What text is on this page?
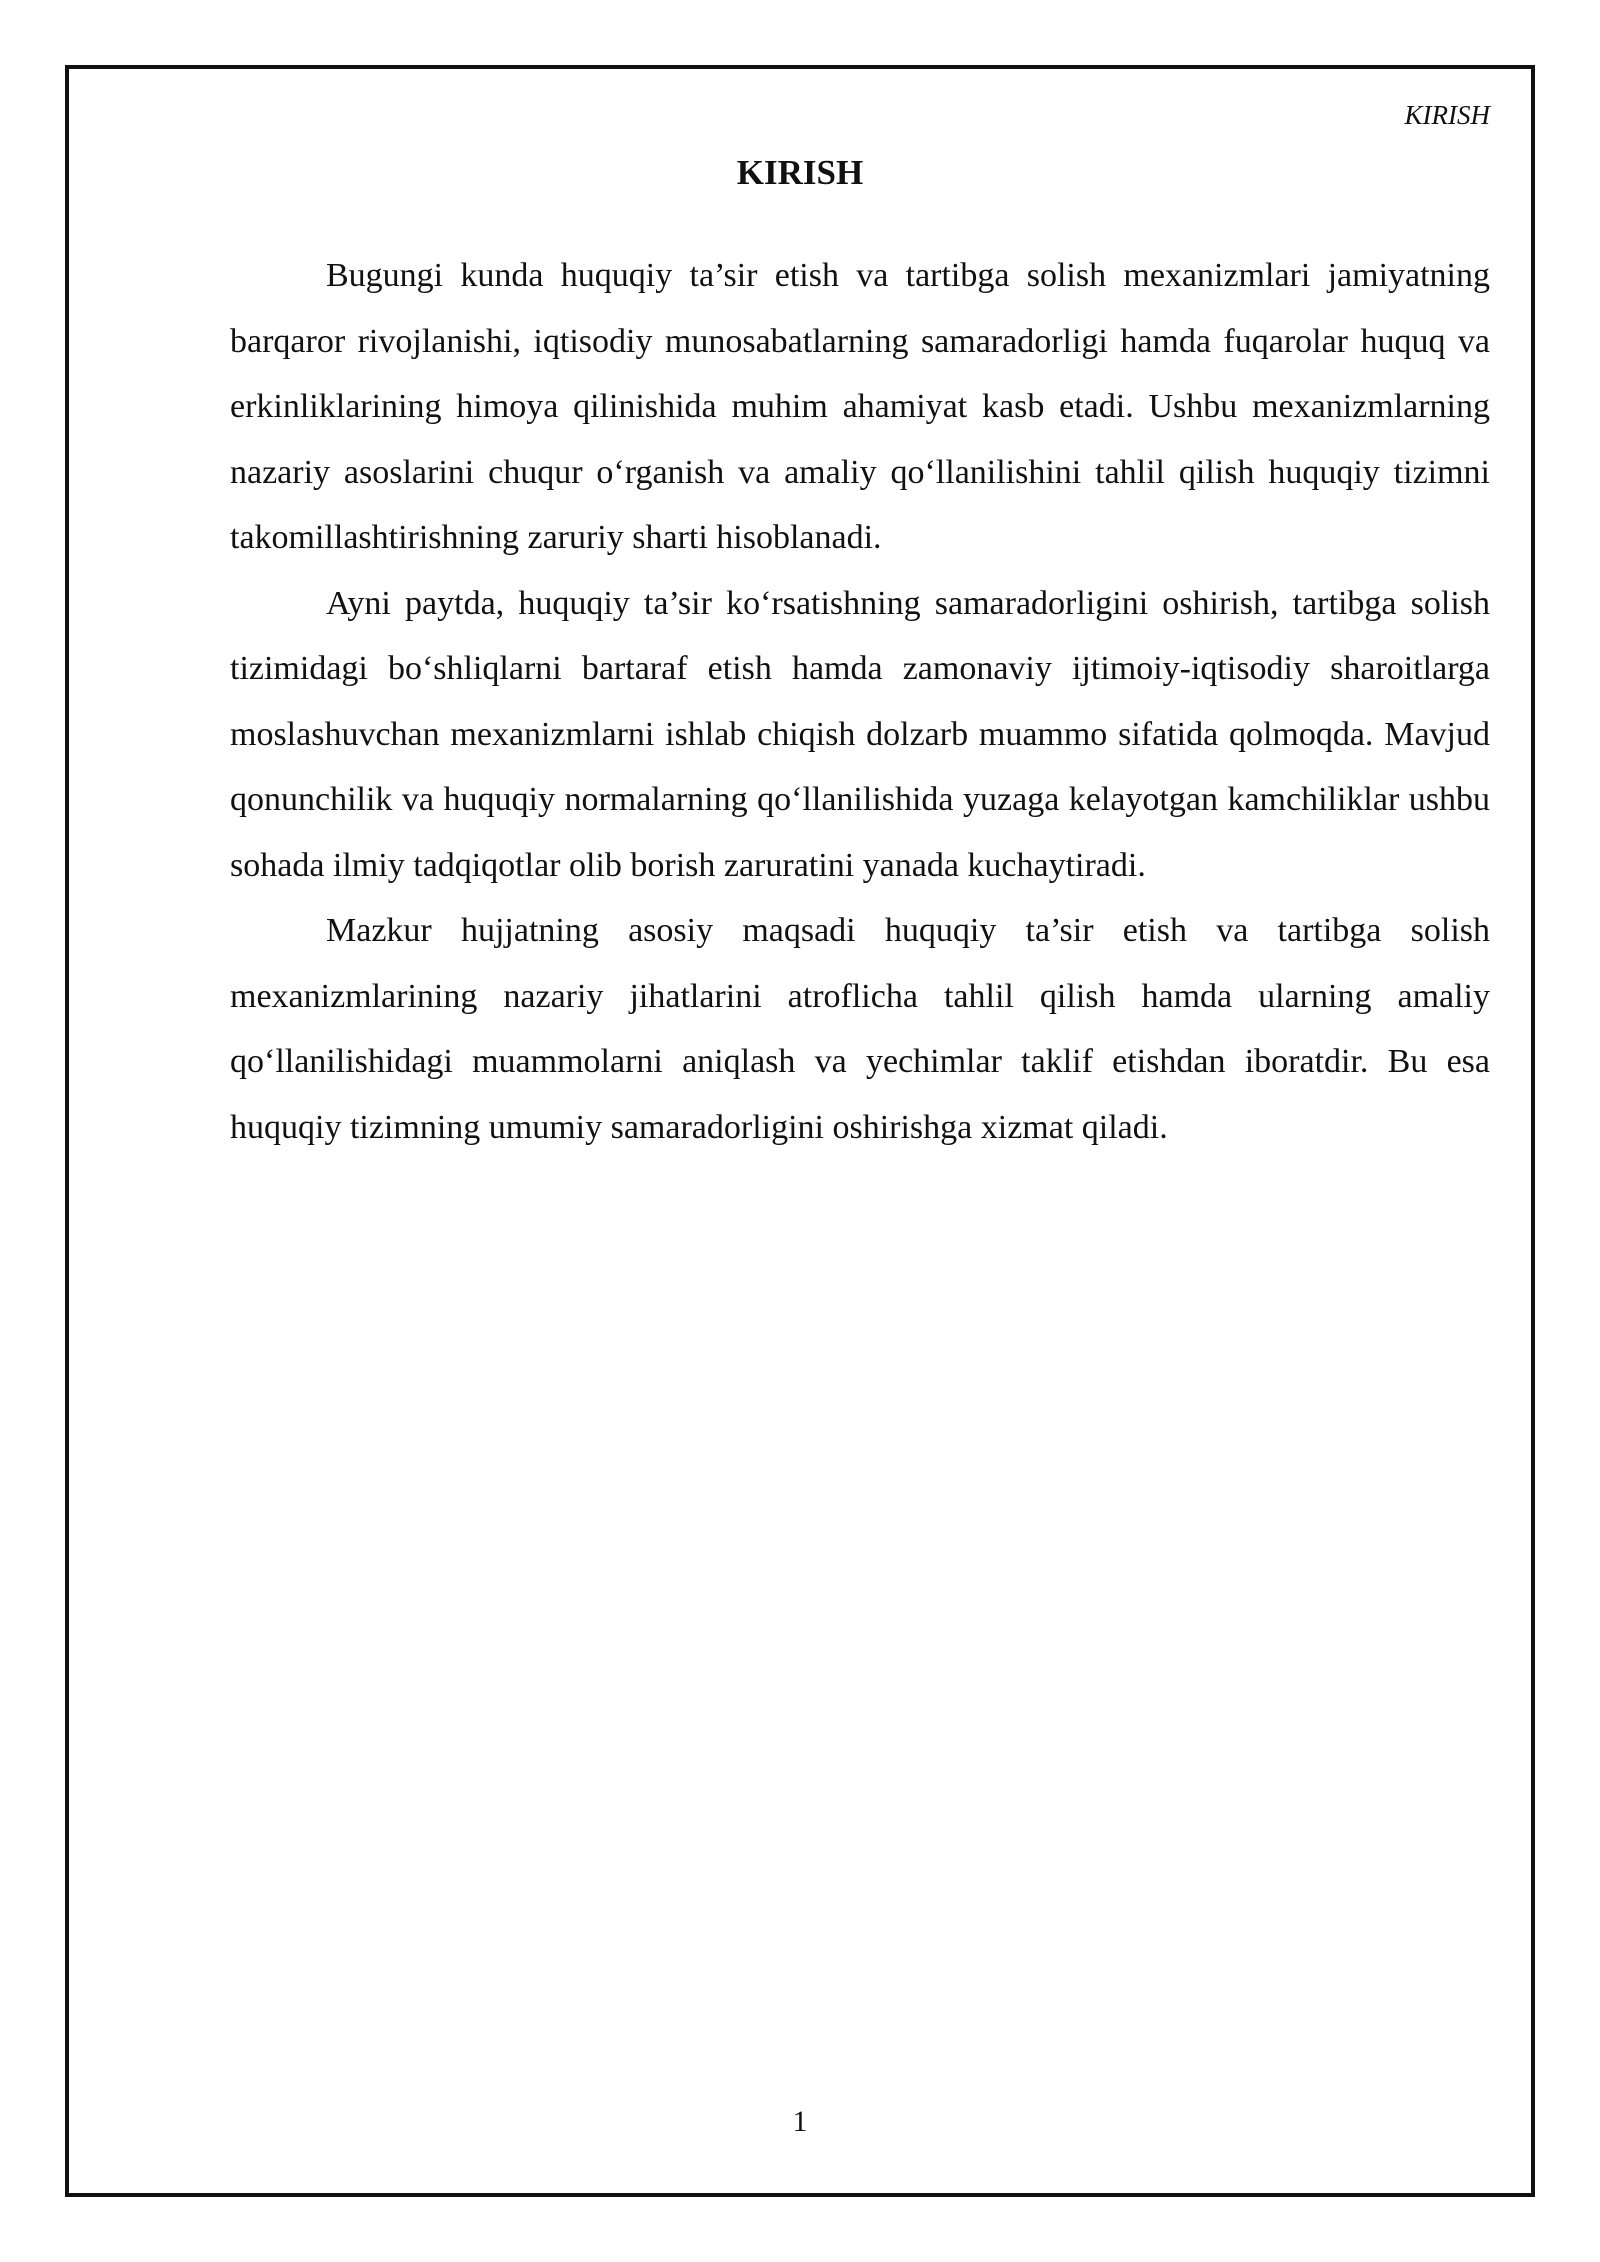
KIRISH
KIRISH

Bugungi kunda huquqiy ta’sir etish va tartibga solish mexanizmlari jamiyatning barqaror rivojlanishi, iqtisodiy munosabatlarning samaradorligi hamda fuqarolar huquq va erkinliklarining himoya qilinishida muhim ahamiyat kasb etadi. Ushbu mexanizmlarning nazariy asoslarini chuqur o‘rganish va amaliy qo‘llanilishini tahlil qilish huquqiy tizimni takomillashtirishning zaruriy sharti hisoblanadi.

Ayni paytda, huquqiy ta’sir ko‘rsatishning samaradorligini oshirish, tartibga solish tizimidagi bo‘shliqlarni bartaraf etish hamda zamonaviy ijtimoiy-iqtisodiy sharoitlarga moslashuvchan mexanizmlarni ishlab chiqish dolzarb muammo sifatida qolmoqda. Mavjud qonunchilik va huquqiy normalarning qo‘llanilishida yuzaga kelayotgan kamchiliklar ushbu sohada ilmiy tadqiqotlar olib borish zaruratini yanada kuchaytiradi.

Mazkur hujjatning asosiy maqsadi huquqiy ta’sir etish va tartibga solish mexanizmlarining nazariy jihatlarini atroflicha tahlil qilish hamda ularning amaliy qo‘llanilishidagi muammolarni aniqlash va yechimlar taklif etishdan iboratdir. Bu esa huquqiy tizimning umumiy samaradorligini oshirishga xizmat qiladi.

1
